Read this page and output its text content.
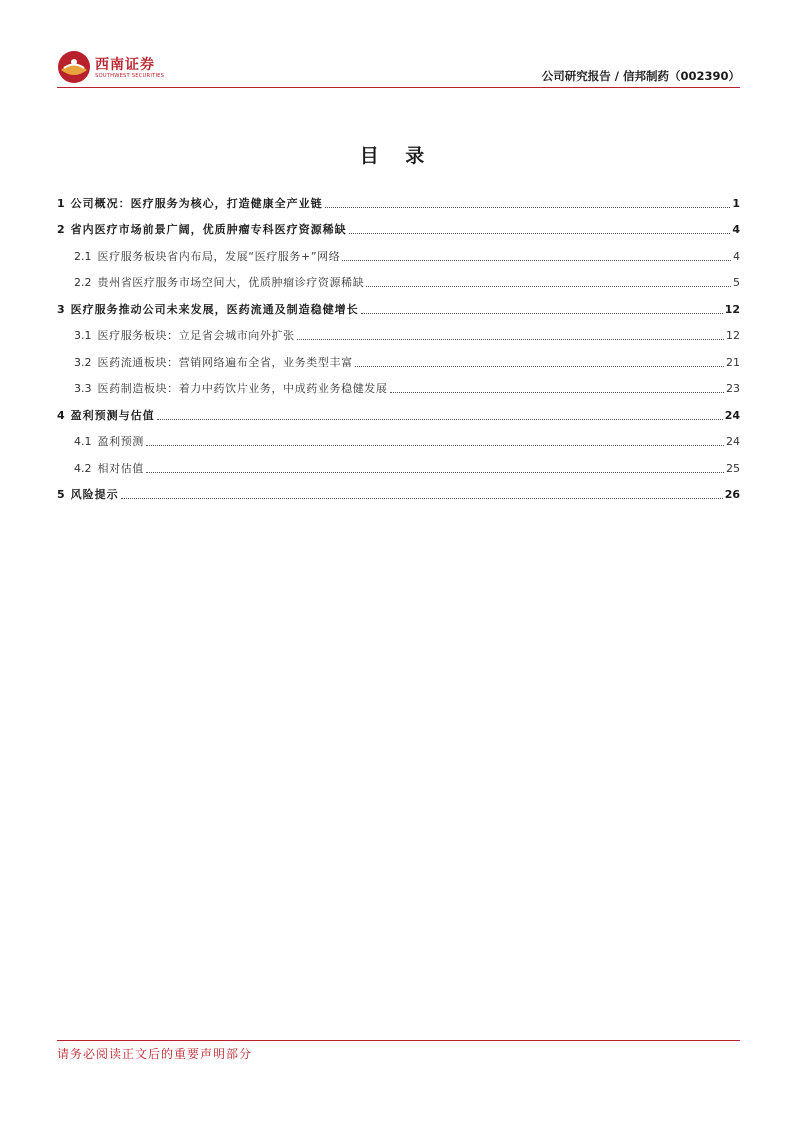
西南证券
SOUTHWEST SECURITIES	公司研究报告 / 信邦制药（002390）
目 录
1 公司概况：医疗服务为核心，打造健康全产业链	1
2 省内医疗市场前景广阔，优质肿瘤专科医疗资源稀缺	4
2.1 医疗服务板块省内布局，发展“医疗服务+”网络	4
2.2 贵州省医疗服务市场空间大，优质肿瘤诊疗资源稀缺	5
3 医疗服务推动公司未来发展，医药流通及制造稳健增长	12
3.1 医疗服务板块：立足省会城市向外扩张	12
3.2 医药流通板块：营销网络遍布全省，业务类型丰富	21
3.3 医药制造板块：着力中药饮片业务，中成药业务稳健发展	23
4 盈利预测与估值	24
4.1 盈利预测	24
4.2 相对估值	25
5 风险提示	26
请务必阅读正文后的重要声明部分
